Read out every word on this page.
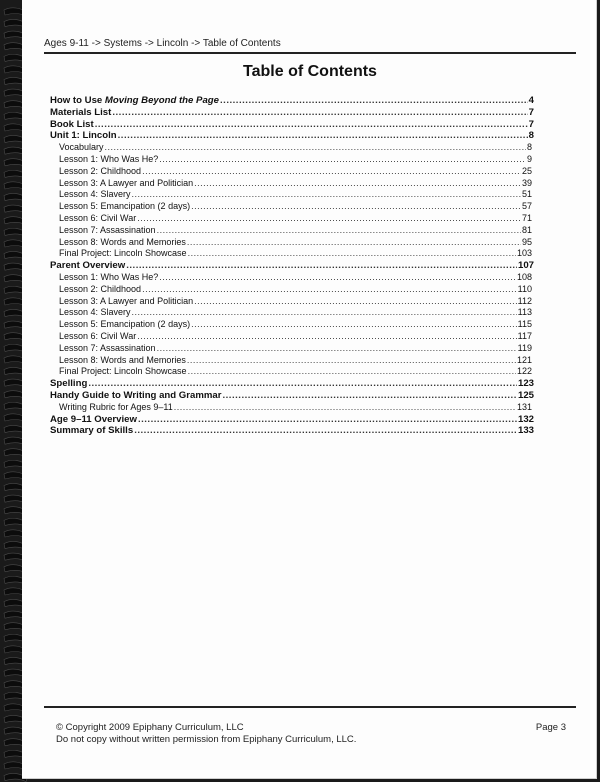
Ages 9-11 -> Systems -> Lincoln -> Table of Contents
Table of Contents
How to Use Moving Beyond the Page .....	4
Materials List .....	7
Book List .....	7
Unit 1: Lincoln .....	8
Vocabulary .....	8
Lesson 1: Who Was He? .....	9
Lesson 2: Childhood .....	25
Lesson 3: A Lawyer and Politician .....	39
Lesson 4: Slavery .....	51
Lesson 5: Emancipation (2 days) .....	57
Lesson 6: Civil War .....	71
Lesson 7: Assassination .....	81
Lesson 8: Words and Memories .....	95
Final Project: Lincoln Showcase .....	103
Parent Overview .....	107
Lesson 1: Who Was He? .....	108
Lesson 2: Childhood .....	110
Lesson 3: A Lawyer and Politician .....	112
Lesson 4: Slavery .....	113
Lesson 5: Emancipation (2 days) .....	115
Lesson 6: Civil War .....	117
Lesson 7: Assassination .....	119
Lesson 8: Words and Memories .....	121
Final Project: Lincoln Showcase .....	122
Spelling .....	123
Handy Guide to Writing and Grammar .....	125
Writing Rubric for Ages 9–11 .....	131
Age 9–11 Overview .....	132
Summary of Skills .....	133
© Copyright 2009 Epiphany Curriculum, LLC
Do not copy without written permission from Epiphany Curriculum, LLC.
Page 3
